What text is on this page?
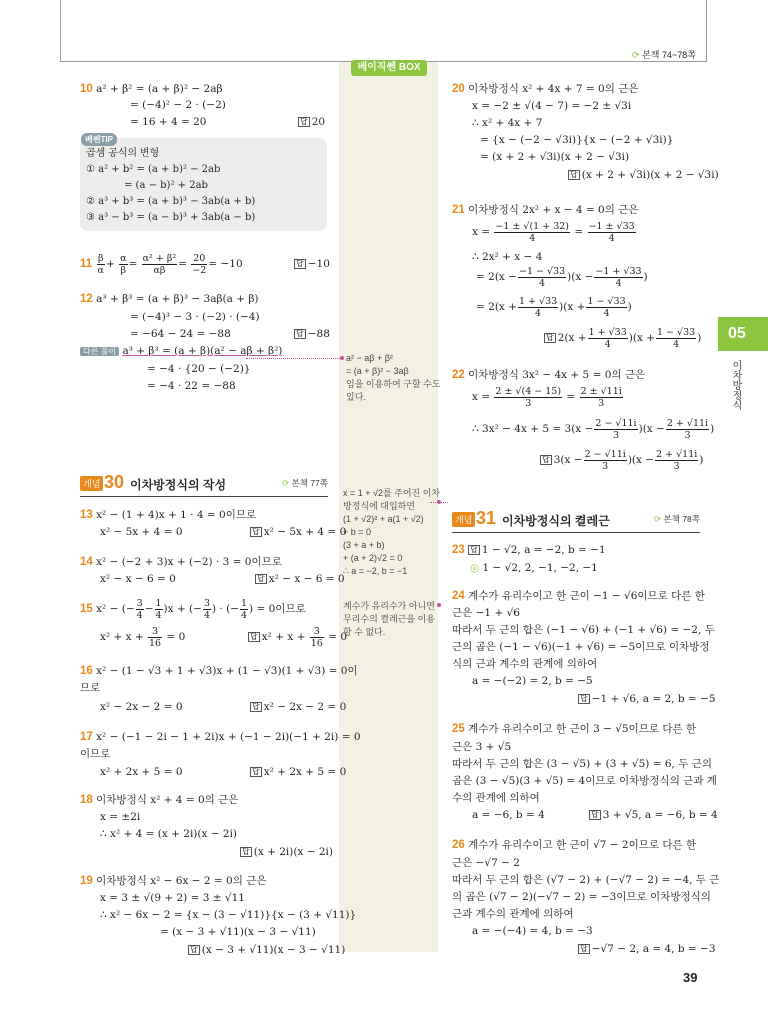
⟳ 본책 74~78쪽
베이직쎈 BOX
10 a² + β² = (a + β)² − 2aβ
= (−4)² − 2 · (−2)
= 16 + 4 = 20	답 20
베쎈TIP
곱셈 공식의 변형
① a² + b² = (a + b)² − 2ab
= (a − b)² + 2ab
② a³ + b³ = (a + b)³ − 3ab(a + b)
③ a³ − b³ = (a − b)³ + 3ab(a − b)
$11 \frac{\beta}{\alpha} + \frac{\alpha}{\beta} = \frac{\text{α² + β²}}{\alpha\beta} = \frac{20}{-2} = -10$	답 −10
12 a³ + β³ = (a + β)³ − 3aβ(a + β)
= (−4)³ − 3 · (−2) · (−4)
= −64 − 24 = −88	답 −88
다른 풀이 a³ + β³ = (a + β)(a² − aβ + β²)
= −4 · {20 − (−2)}
= −4 · 22 = −88
a² − aβ + β²
= (a + β)² − 3aβ
임을 이용하여 구할 수도
있다.
개념 30 이차방정식의 작성	⟳ 본책 77쪽
13 x² − (1 + 4)x + 1 · 4 = 0이므로
x² − 5x + 4 = 0	답 x² − 5x + 4 = 0
14 x² − (−2 + 3)x + (−2) · 3 = 0이므로
x² − x − 6 = 0	답 x² − x − 6 = 0
15 x² − (− $\frac{3}{4} - \frac{1}{4} )x$ + (− $\frac{3}{4}$ ) · (− $\frac{1}{4}$ ) = 0이므로
$x^2 + x + \frac{3}{16} = 0$	답 $x^2 + x + \frac{3}{16} = 0$
16 x² − (1 − √3 + 1 + √3)x + (1 − √3)(1 + √3) = 0이
므로
x² − 2x − 2 = 0	답 x² − 2x − 2 = 0
17 x² − (−1 − 2i − 1 + 2i)x + (−1 − 2i)(−1 + 2i) = 0
이므로
x² + 2x + 5 = 0	답 x² + 2x + 5 = 0
18 이차방정식 x² + 4 = 0의 근은
x = ±2i
∴ x² + 4 = (x + 2i)(x − 2i)
답 (x + 2i)(x − 2i)
19 이차방정식 x² − 6x − 2 = 0의 근은
x = 3 ± √(9 + 2) = 3 ± √11
∴ x² − 6x − 2 = {x − (3 − √11)}{x − (3 + √11)}
= (x − 3 + √11)(x − 3 − √11)
답 (x − 3 + √11)(x − 3 − √11)
x = 1 + √2를 주어진 이차
방정식에 대입하면
(1 + √2)² + a(1 + √2)
+ b = 0
(3 + a + b)
+ (a + 2)√2 = 0
∴ a = −2, b = −1
계수가 유리수가 아니면
무리수의 켤레근을 이용
할 수 없다.
20 이차방정식 x² + 4x + 7 = 0의 근은
x = −2 ± √(4 − 7) = −2 ± √3i
∴ x² + 4x + 7
= {x − (−2 − √3i)}{x − (−2 + √3i)}
= (x + 2 + √3i)(x + 2 − √3i)
답 (x + 2 + √3i)(x + 2 − √3i)
21 이차방정식 2x² + x − 4 = 0의 근은
$x = \frac{-1 \pm √(1 + 32)}{4} = \frac{-1 \pm √33}{4}$
∴ 2x² + x − 4
= $2(x - \frac{-1 - √33}{4} )(x - \frac{-1 + √33}{4}$ )
= $2(x + \frac{1 + √33}{4} )(x + \frac{1 - √33}{4}$ )
답 $2(x + \frac{1 + √33}{4} )(x + \frac{1 - √33}{4}$ )
22 이차방정식 3x² − 4x + 5 = 0의 근은
$x = \frac{2 \pm √(4 - 15)}{3} = \frac{2 \pm √11i}{3}$
∴ $3x^2 - 4x + 5 = 3(x - \frac{2 - √11i}{3} )(x - \frac{2 + √11i}{3}$ )
답 $3(x - \frac{2 - √11i}{3} )(x - \frac{2 + √11i}{3}$ )
개념 31 이차방정식의 켤레근	⟳ 본책 78쪽
23 답 1 − √2, a = −2, b = −1
◎ 1 − √2, 2, −1, −2, −1
24 계수가 유리수이고 한 근이 −1 − √6이므로 다른 한
근은 −1 + √6
따라서 두 근의 합은 (−1 − √6) + (−1 + √6) = −2, 두
근의 곱은 (−1 − √6)(−1 + √6) = −5이므로 이차방정
식의 근과 계수의 관계에 의하여
a = −(−2) = 2, b = −5
답 −1 + √6, a = 2, b = −5
25 계수가 유리수이고 한 근이 3 − √5이므로 다른 한
근은 3 + √5
따라서 두 근의 합은 (3 − √5) + (3 + √5) = 6, 두 근의
곱은 (3 − √5)(3 + √5) = 4이므로 이차방정식의 근과 계
수의 관계에 의하여
a = −6, b = 4	답 3 + √5, a = −6, b = 4
26 계수가 유리수이고 한 근이 √7 − 2이므로 다른 한
근은 −√7 − 2
따라서 두 근의 합은 (√7 − 2) + (−√7 − 2) = −4, 두 근
의 곱은 (√7 − 2)(−√7 − 2) = −3이므로 이차방정식의
근과 계수의 관계에 의하여
a = −(−4) = 4, b = −3
답 −√7 − 2, a = 4, b = −3
05
이차방정식
39
